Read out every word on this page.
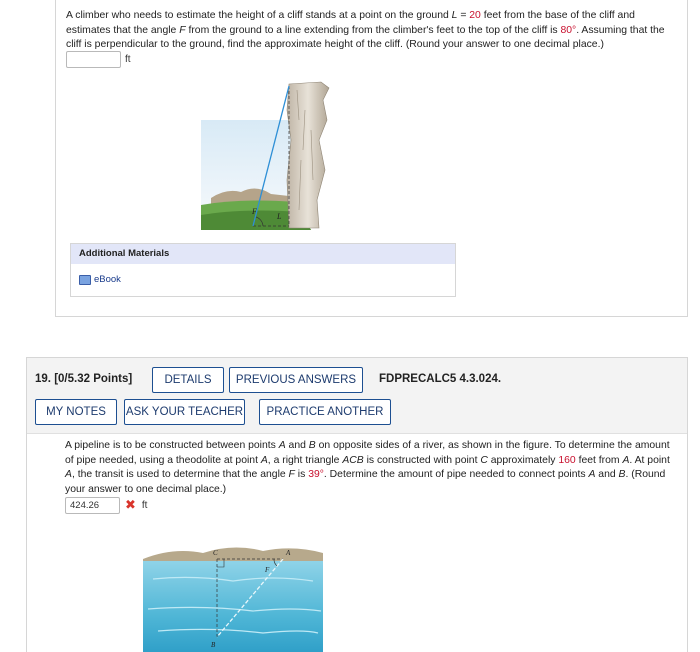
A climber who needs to estimate the height of a cliff stands at a point on the ground L = 20 feet from the base of the cliff and estimates that the angle F from the ground to a line extending from the climber's feet to the top of the cliff is 80°. Assuming that the cliff is perpendicular to the ground, find the approximate height of the cliff. (Round your answer to one decimal place.)

ft
F
L
Additional Materials
eBook
19. [0/5.32 Points]	DETAILS	PREVIOUS ANSWERS	FDPRECALC5 4.3.024.
MY NOTES	ASK YOUR TEACHER	PRACTICE ANOTHER

A pipeline is to be constructed between points A and B on opposite sides of a river, as shown in the figure. To determine the amount of pipe needed, using a theodolite at point A, a right triangle ACB is constructed with point C approximately 160 feet from A. At point A, the transit is used to determine that the angle F is 39°. Determine the amount of pipe needed to connect points A and B. (Round your answer to one decimal place.)

424.26	✖ ft
C	A
F
B
